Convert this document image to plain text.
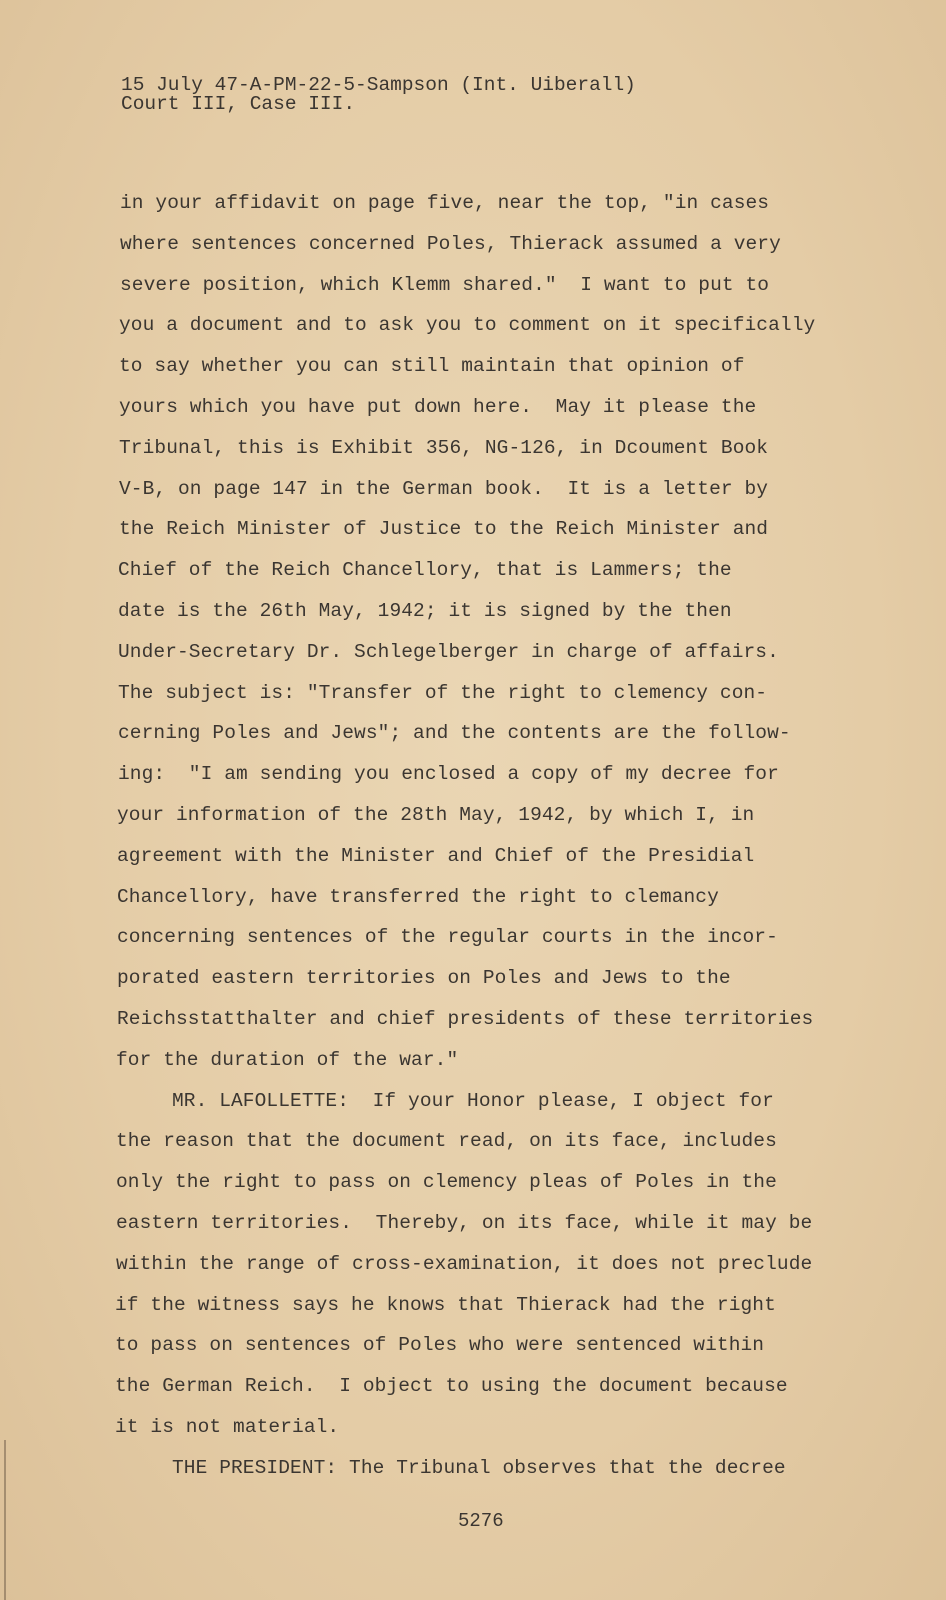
15 July 47-A-PM-22-5-Sampson (Int. Uiberall)
Court III, Case III.
in your affidavit on page five, near the top, "in cases
where sentences concerned Poles, Thierack assumed a very
severe position, which Klemm shared."  I want to put to
you a document and to ask you to comment on it specifically
to say whether you can still maintain that opinion of
yours which you have put down here.  May it please the
Tribunal, this is Exhibit 356, NG-126, in Dcoument Book
V-B, on page 147 in the German book.  It is a letter by
the Reich Minister of Justice to the Reich Minister and
Chief of the Reich Chancellory, that is Lammers; the
date is the 26th May, 1942; it is signed by the then
Under-Secretary Dr. Schlegelberger in charge of affairs.
The subject is: "Transfer of the right to clemency con-
cerning Poles and Jews"; and the contents are the follow-
ing:  "I am sending you enclosed a copy of my decree for
your information of the 28th May, 1942, by which I, in
agreement with the Minister and Chief of the Presidial
Chancellory, have transferred the right to clemancy
concerning sentences of the regular courts in the incor-
porated eastern territories on Poles and Jews to the
Reichsstatthalter and chief presidents of these territories
for the duration of the war."
MR. LAFOLLETTE:  If your Honor please, I object for
the reason that the document read, on its face, includes
only the right to pass on clemency pleas of Poles in the
eastern territories.  Thereby, on its face, while it may be
within the range of cross-examination, it does not preclude
if the witness says he knows that Thierack had the right
to pass on sentences of Poles who were sentenced within
the German Reich.  I object to using the document because
it is not material.
THE PRESIDENT: The Tribunal observes that the decree
5276
